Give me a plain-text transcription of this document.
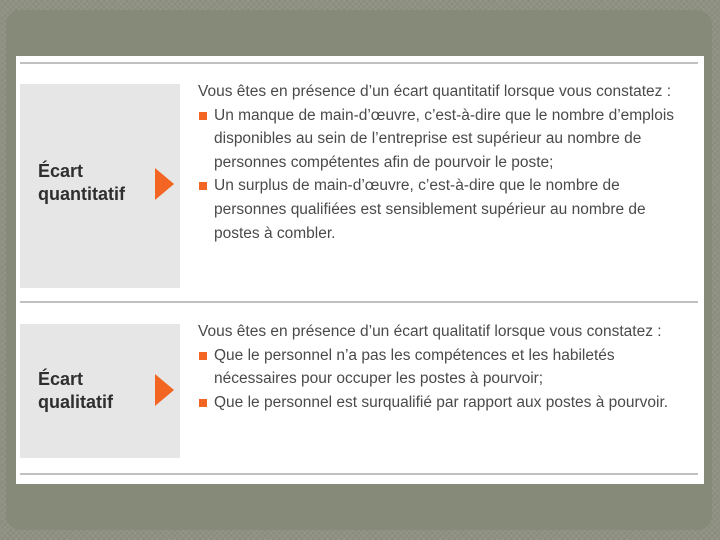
Écart
quantitatif

Vous êtes en présence d’un écart quantitatif lorsque vous constatez :

Un manque de main-d’œuvre, c’est-à-dire que le nombre d’emplois disponibles au sein de l’entreprise est supérieur au nombre de personnes compétentes afin de pourvoir le poste;
Un surplus de main-d’œuvre, c’est-à-dire que le nombre de personnes qualifiées est sensiblement supérieur au nombre de postes à combler.
Écart
qualitatif

Vous êtes en présence d’un écart qualitatif lorsque vous constatez :

Que le personnel n’a pas les compétences et les habiletés nécessaires pour occuper les postes à pourvoir;
Que le personnel est surqualifié par rapport aux postes à pourvoir.
